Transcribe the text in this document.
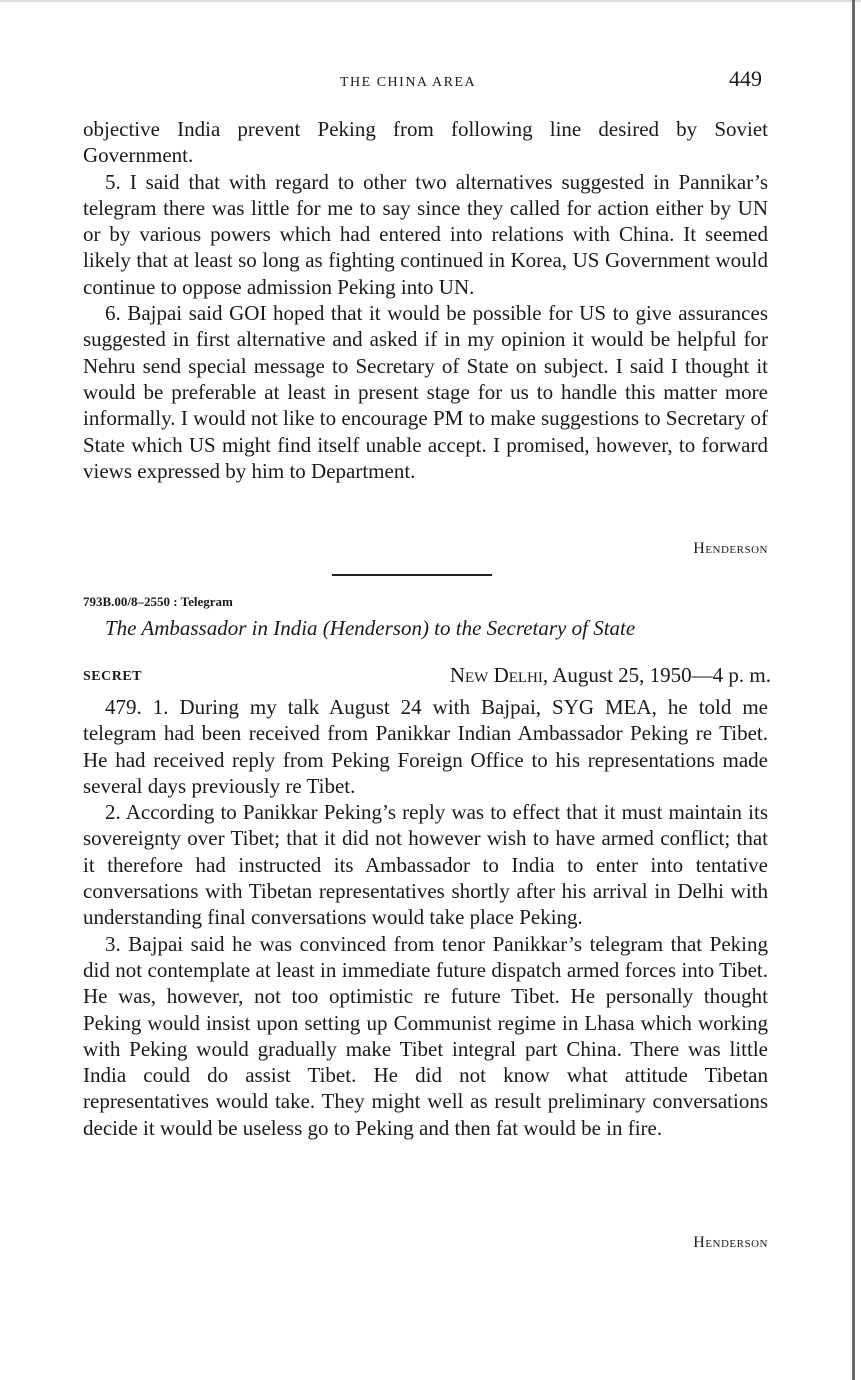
THE CHINA AREA	449

objective India prevent Peking from following line desired by Soviet Government.

5. I said that with regard to other two alternatives suggested in Pannikar’s telegram there was little for me to say since they called for action either by UN or by various powers which had entered into relations with China. It seemed likely that at least so long as fighting continued in Korea, US Government would continue to oppose admission Peking into UN.

6. Bajpai said GOI hoped that it would be possible for US to give assurances suggested in first alternative and asked if in my opinion it would be helpful for Nehru send special message to Secretary of State on subject. I said I thought it would be preferable at least in present stage for us to handle this matter more informally. I would not like to encourage PM to make suggestions to Secretary of State which US might find itself unable accept. I promised, however, to forward views expressed by him to Department.

Henderson
793B.00/8–2550 : Telegram
The Ambassador in India (Henderson) to the Secretary of State
SECRET	New Delhi, August 25, 1950—4 p. m.

479. 1. During my talk August 24 with Bajpai, SYG MEA, he told me telegram had been received from Panikkar Indian Ambassador Peking re Tibet. He had received reply from Peking Foreign Office to his representations made several days previously re Tibet.

2. According to Panikkar Peking’s reply was to effect that it must maintain its sovereignty over Tibet; that it did not however wish to have armed conflict; that it therefore had instructed its Ambassador to India to enter into tentative conversations with Tibetan representatives shortly after his arrival in Delhi with understanding final conversations would take place Peking.

3. Bajpai said he was convinced from tenor Panikkar’s telegram that Peking did not contemplate at least in immediate future dispatch armed forces into Tibet. He was, however, not too optimistic re future Tibet. He personally thought Peking would insist upon setting up Communist regime in Lhasa which working with Peking would gradually make Tibet integral part China. There was little India could do assist Tibet. He did not know what attitude Tibetan representatives would take. They might well as result preliminary conversations decide it would be useless go to Peking and then fat would be in fire.

Henderson
